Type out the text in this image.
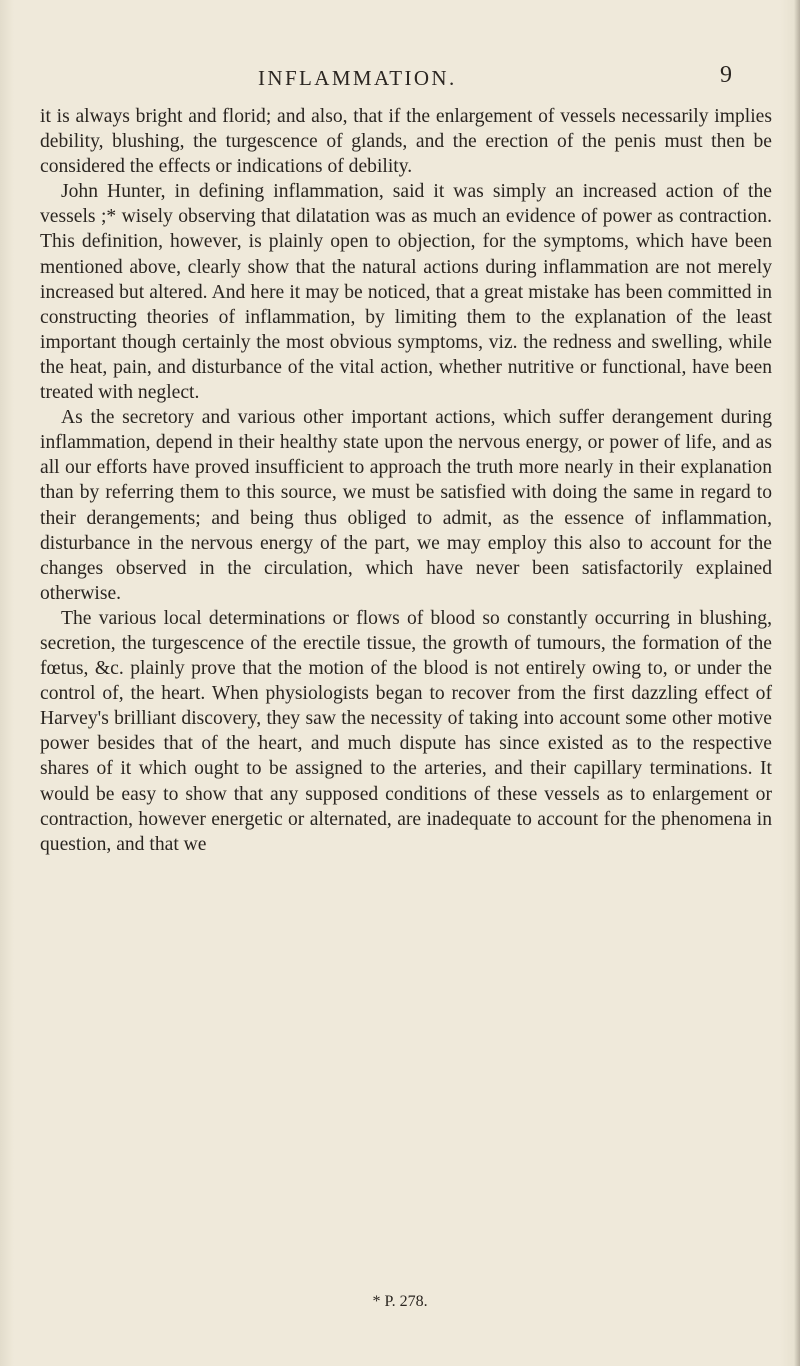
INFLAMMATION.	9

it is always bright and florid; and also, that if the enlargement of vessels necessarily implies debility, blushing, the turgescence of glands, and the erection of the penis must then be considered the effects or indications of debility.

John Hunter, in defining inflammation, said it was simply an increased action of the vessels ;* wisely observing that dilatation was as much an evidence of power as contraction. This definition, however, is plainly open to objection, for the symptoms, which have been mentioned above, clearly show that the natural actions during inflammation are not merely increased but altered. And here it may be noticed, that a great mistake has been committed in constructing theories of inflammation, by limiting them to the explanation of the least important though certainly the most obvious symptoms, viz. the redness and swelling, while the heat, pain, and disturbance of the vital action, whether nutritive or functional, have been treated with neglect.

As the secretory and various other important actions, which suffer derangement during inflammation, depend in their healthy state upon the nervous energy, or power of life, and as all our efforts have proved insufficient to approach the truth more nearly in their explanation than by referring them to this source, we must be satisfied with doing the same in regard to their derangements; and being thus obliged to admit, as the essence of inflammation, disturbance in the nervous energy of the part, we may employ this also to account for the changes observed in the circulation, which have never been satisfactorily explained otherwise.

The various local determinations or flows of blood so constantly occurring in blushing, secretion, the turgescence of the erectile tissue, the growth of tumours, the formation of the fœtus, &c. plainly prove that the motion of the blood is not entirely owing to, or under the control of, the heart. When physiologists began to recover from the first dazzling effect of Harvey's brilliant discovery, they saw the necessity of taking into account some other motive power besides that of the heart, and much dispute has since existed as to the respective shares of it which ought to be assigned to the arteries, and their capillary terminations. It would be easy to show that any supposed conditions of these vessels as to enlargement or contraction, however energetic or alternated, are inadequate to account for the phenomena in question, and that we

* P. 278.
